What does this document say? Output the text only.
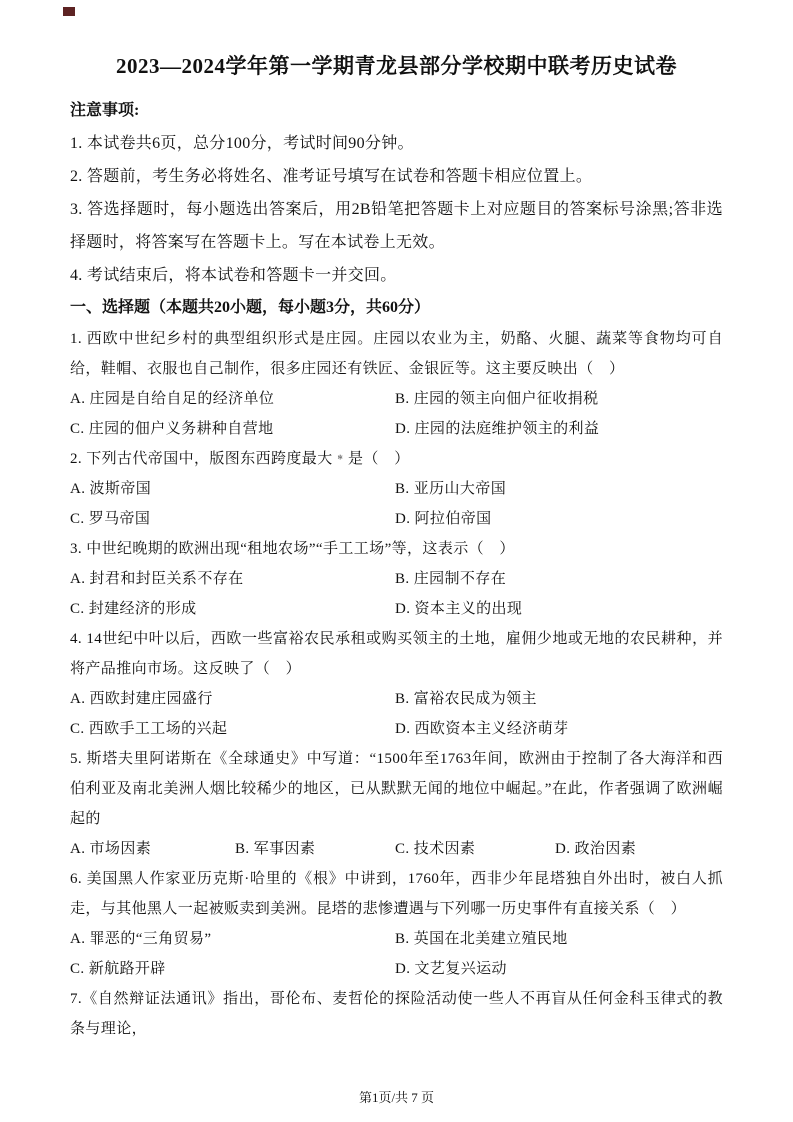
2023—2024学年第一学期青龙县部分学校期中联考历史试卷

注意事项:

1. 本试卷共6页，总分100分，考试时间90分钟。

2. 答题前，考生务必将姓名、准考证号填写在试卷和答题卡相应位置上。

3. 答选择题时，每小题选出答案后，用2B铅笔把答题卡上对应题目的答案标号涂黑;答非选择题时，将答案写在答题卡上。写在本试卷上无效。

4. 考试结束后，将本试卷和答题卡一并交回。

一、选择题（本题共20小题，每小题3分，共60分）

1. 西欧中世纪乡村的典型组织形式是庄园。庄园以农业为主，奶酪、火腿、蔬菜等食物均可自给，鞋帽、衣服也自己制作，很多庄园还有铁匠、金银匠等。这主要反映出（　）

A. 庄园是自给自足的经济单位	B. 庄园的领主向佃户征收捐税
C. 庄园的佃户义务耕种自营地	D. 庄园的法庭维护领主的利益

2. 下列古代帝国中，版图东西跨度最大﹡是（　）

A. 波斯帝国	B. 亚历山大帝国
C. 罗马帝国	D. 阿拉伯帝国

3. 中世纪晚期的欧洲出现“租地农场”“手工工场”等，这表示（　）

A. 封君和封臣关系不存在	B. 庄园制不存在
C. 封建经济的形成	D. 资本主义的出现

4. 14世纪中叶以后，西欧一些富裕农民承租或购买领主的土地，雇佣少地或无地的农民耕种，并将产品推向市场。这反映了（　）

A. 西欧封建庄园盛行	B. 富裕农民成为领主
C. 西欧手工工场的兴起	D. 西欧资本主义经济萌芽

5. 斯塔夫里阿诺斯在《全球通史》中写道：“1500年至1763年间，欧洲由于控制了各大海洋和西伯利亚及南北美洲人烟比较稀少的地区，已从默默无闻的地位中崛起。”在此，作者强调了欧洲崛起的

A. 市场因素	B. 军事因素	C. 技术因素	D. 政治因素

6. 美国黑人作家亚历克斯·哈里的《根》中讲到，1760年，西非少年昆塔独自外出时，被白人抓走，与其他黑人一起被贩卖到美洲。昆塔的悲惨遭遇与下列哪一历史事件有直接关系（　）

A. 罪恶的“三角贸易”	B. 英国在北美建立殖民地
C. 新航路开辟	D. 文艺复兴运动

7.《自然辩证法通讯》指出，哥伦布、麦哲伦的探险活动使一些人不再盲从任何金科玉律式的教条与理论，

第1页/共 7 页
